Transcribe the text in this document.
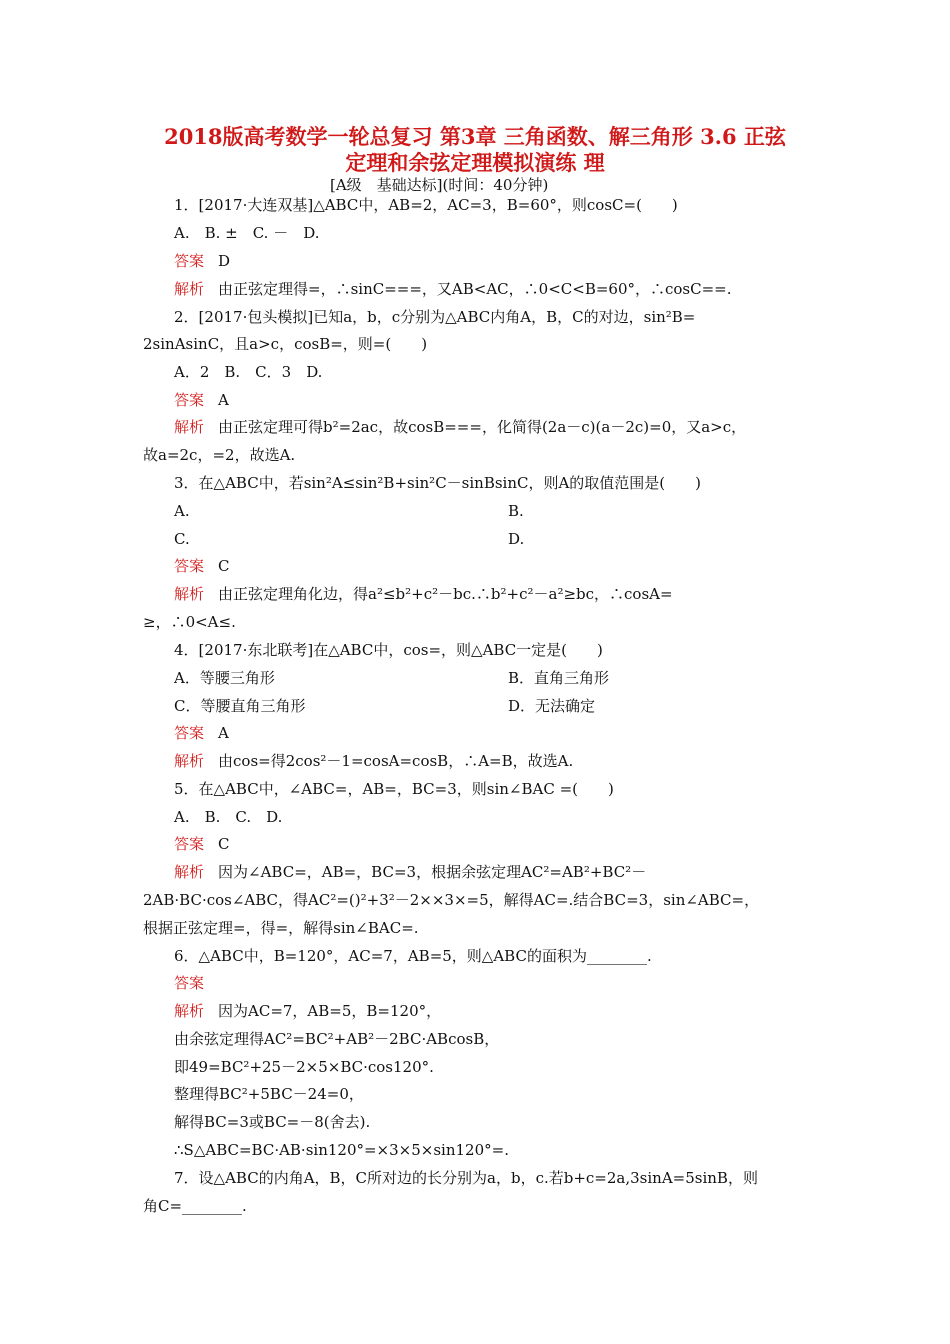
2018版高考数学一轮总复习 第3章 三角函数、解三角形 3.6 正弦
定理和余弦定理模拟演练 理
[A级　基础达标](时间：40分钟)
1．[2017·大连双基]△ABC中，AB=2，AC=3，B=60°，则cosC=(　　)
A.　B. ±　C. －　D.
答案 D
解析 由正弦定理得=，∴sinC===，又AB<AC，∴0<C<B=60°，∴cosC==.
2．[2017·包头模拟]已知a，b，c分别为△ABC内角A，B，C的对边，sin²B=
2sinAsinC，且a>c，cosB=，则=(　　)
A．2　B.　C．3　D.
答案 A
解析 由正弦定理可得b²=2ac，故cosB===，化简得(2a－c)(a－2c)=0，又a>c，
故a=2c，=2，故选A.
3．在△ABC中，若sin²A≤sin²B+sin²C－sinBsinC，则A的取值范围是(　　)
A.	B.
C.	D.
答案 C
解析 由正弦定理角化边，得a²≤b²+c²－bc.∴b²+c²－a²≥bc，∴cosA=
≥，∴0<A≤.
4．[2017·东北联考]在△ABC中，cos=，则△ABC一定是(　　)
A．等腰三角形	B．直角三角形
C．等腰直角三角形	D．无法确定
答案 A
解析 由cos=得2cos²－1=cosA=cosB，∴A=B，故选A.
5．在△ABC中，∠ABC=，AB=，BC=3，则sin∠BAC =(　　)
A.　B.　C.　D.
答案 C
解析 因为∠ABC=，AB=，BC=3，根据余弦定理AC²=AB²+BC²－
2AB·BC·cos∠ABC，得AC²=()²+3²－2××3×=5，解得AC=.结合BC=3，sin∠ABC=，
根据正弦定理=，得=，解得sin∠BAC=.
6．△ABC中，B=120°，AC=7，AB=5，则△ABC的面积为________.
答案
解析 因为AC=7，AB=5，B=120°，
由余弦定理得AC²=BC²+AB²－2BC·ABcosB，
即49=BC²+25－2×5×BC·cos120°.
整理得BC²+5BC－24=0，
解得BC=3或BC=－8(舍去).
∴S△ABC=BC·AB·sin120°=×3×5×sin120°=.
7．设△ABC的内角A，B，C所对边的长分别为a，b，c.若b+c=2a,3sinA=5sinB，则
角C=________.
